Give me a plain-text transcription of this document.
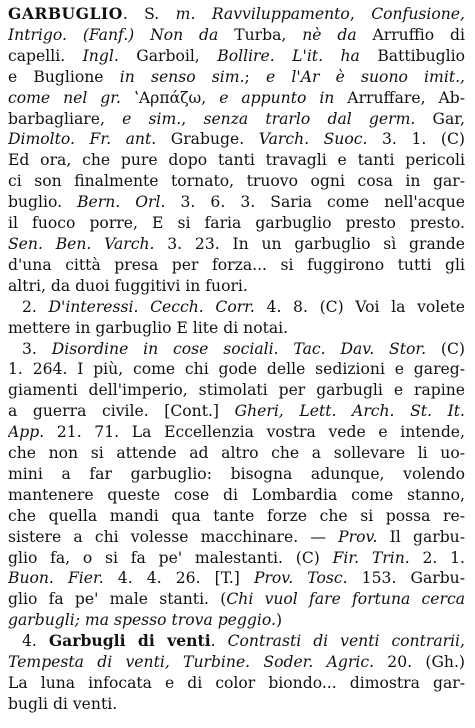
GARBUGLIO. S. m. Ravviluppamento, Confusione,
Intrigo. (Fanf.) Non da Turba, nè da Arruffio di
capelli. Ingl. Garboil, Bollire. L'it. ha Battibuglio
e Buglione in senso sim.; e l'Ar è suono imit.,
come nel gr. ʽΑρπάζω, e appunto in Arruffare, Ab-
barbagliare, e sim., senza trarlo dal germ. Gar,
Dimolto. Fr. ant. Grabuge. Varch. Suoc. 3. 1. (C)
Ed ora, che pure dopo tanti travagli e tanti pericoli
ci son finalmente tornato, truovo ogni cosa in gar-
buglio. Bern. Orl. 3. 6. 3. Saria come nell'acque
il fuoco porre, E si faria garbuglio presto presto.
Sen. Ben. Varch. 3. 23. In un garbuglio sì grande
d'una città presa per forza... si fuggirono tutti gli
altri, da duoi fuggitivi in fuori.
2. D'interessi. Cecch. Corr. 4. 8. (C) Voi la volete
mettere in garbuglio E lite di notai.
3. Disordine in cose sociali. Tac. Dav. Stor. (C)
1. 264. I più, come chi gode delle sedizioni e gareg-
giamenti dell'imperio, stimolati per garbugli e rapine
a guerra civile. [Cont.] Gheri, Lett. Arch. St. It.
App. 21. 71. La Eccellenzia vostra vede e intende,
che non si attende ad altro che a sollevare li uo-
mini a far garbuglio: bisogna adunque, volendo
mantenere queste cose di Lombardia come stanno,
che quella mandi qua tante forze che si possa re-
sistere a chi volesse macchinare. — Prov. Il garbu-
glio fa, o si fa pe' malestanti. (C) Fir. Trin. 2. 1.
Buon. Fier. 4. 4. 26. [T.] Prov. Tosc. 153. Garbu-
glio fa pe' male stanti. (Chi vuol fare fortuna cerca
garbugli; ma spesso trova peggio.)
4. Garbugli di venti. Contrasti di venti contrarii,
Tempesta di venti, Turbine. Soder. Agric. 20. (Gh.)
La luna infocata e di color biondo... dimostra gar-
bugli di venti.
